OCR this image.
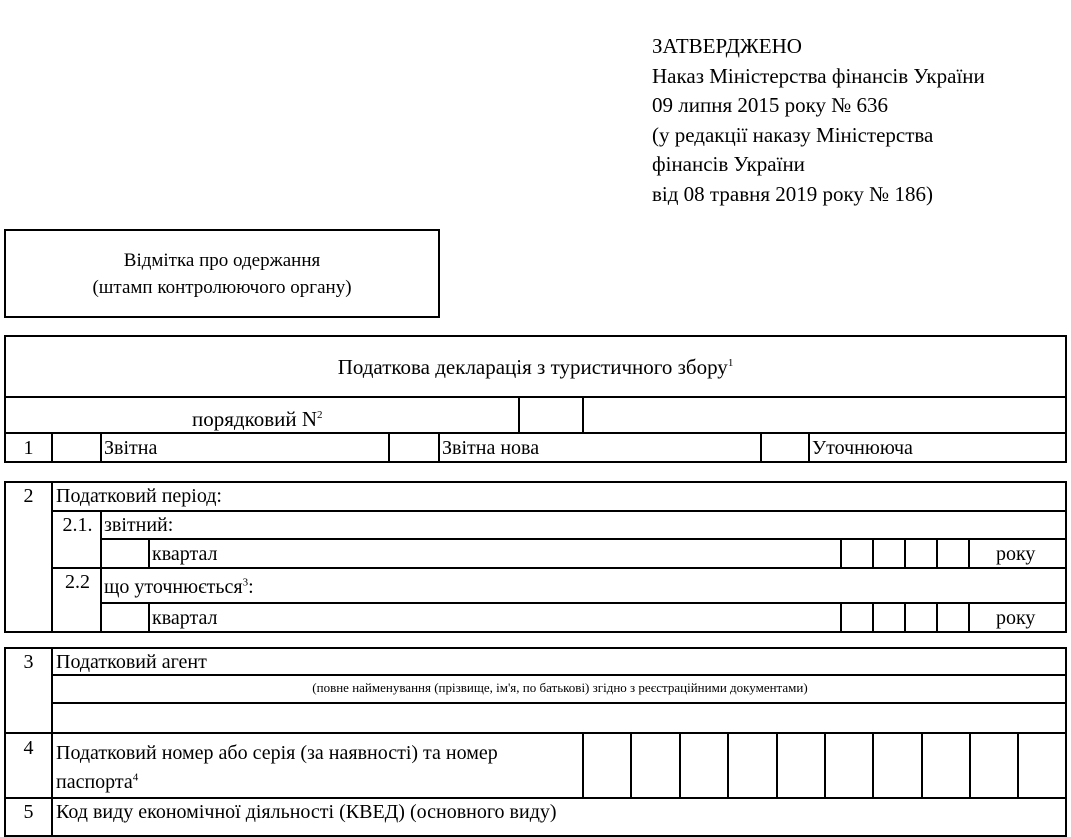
ЗАТВЕРДЖЕНО
Наказ Міністерства фінансів України
09 липня 2015 року № 636
(у редакції наказу Міністерства
фінансів України
від 08 травня 2019 року № 186)
Відмітка про одержання
(штамп контролюючого органу)
Податкова декларація з туристичного збору$^1$
порядковий $N^2$
1	Звітна	Звітна нова	Уточнююча
2	Податковий період:
2.1. звітний:
квартал	року
2.2 що уточнюється$^3$:
квартал	року
3	Податковий агент
(повне найменування (прізвище, ім'я, по батькові) згідно з реєстраційними документами)
4	Податковий номер або серія (за наявності) та номер
паспорта$^4$
5	Код виду економічної діяльності (КВЕД) (основного виду)
